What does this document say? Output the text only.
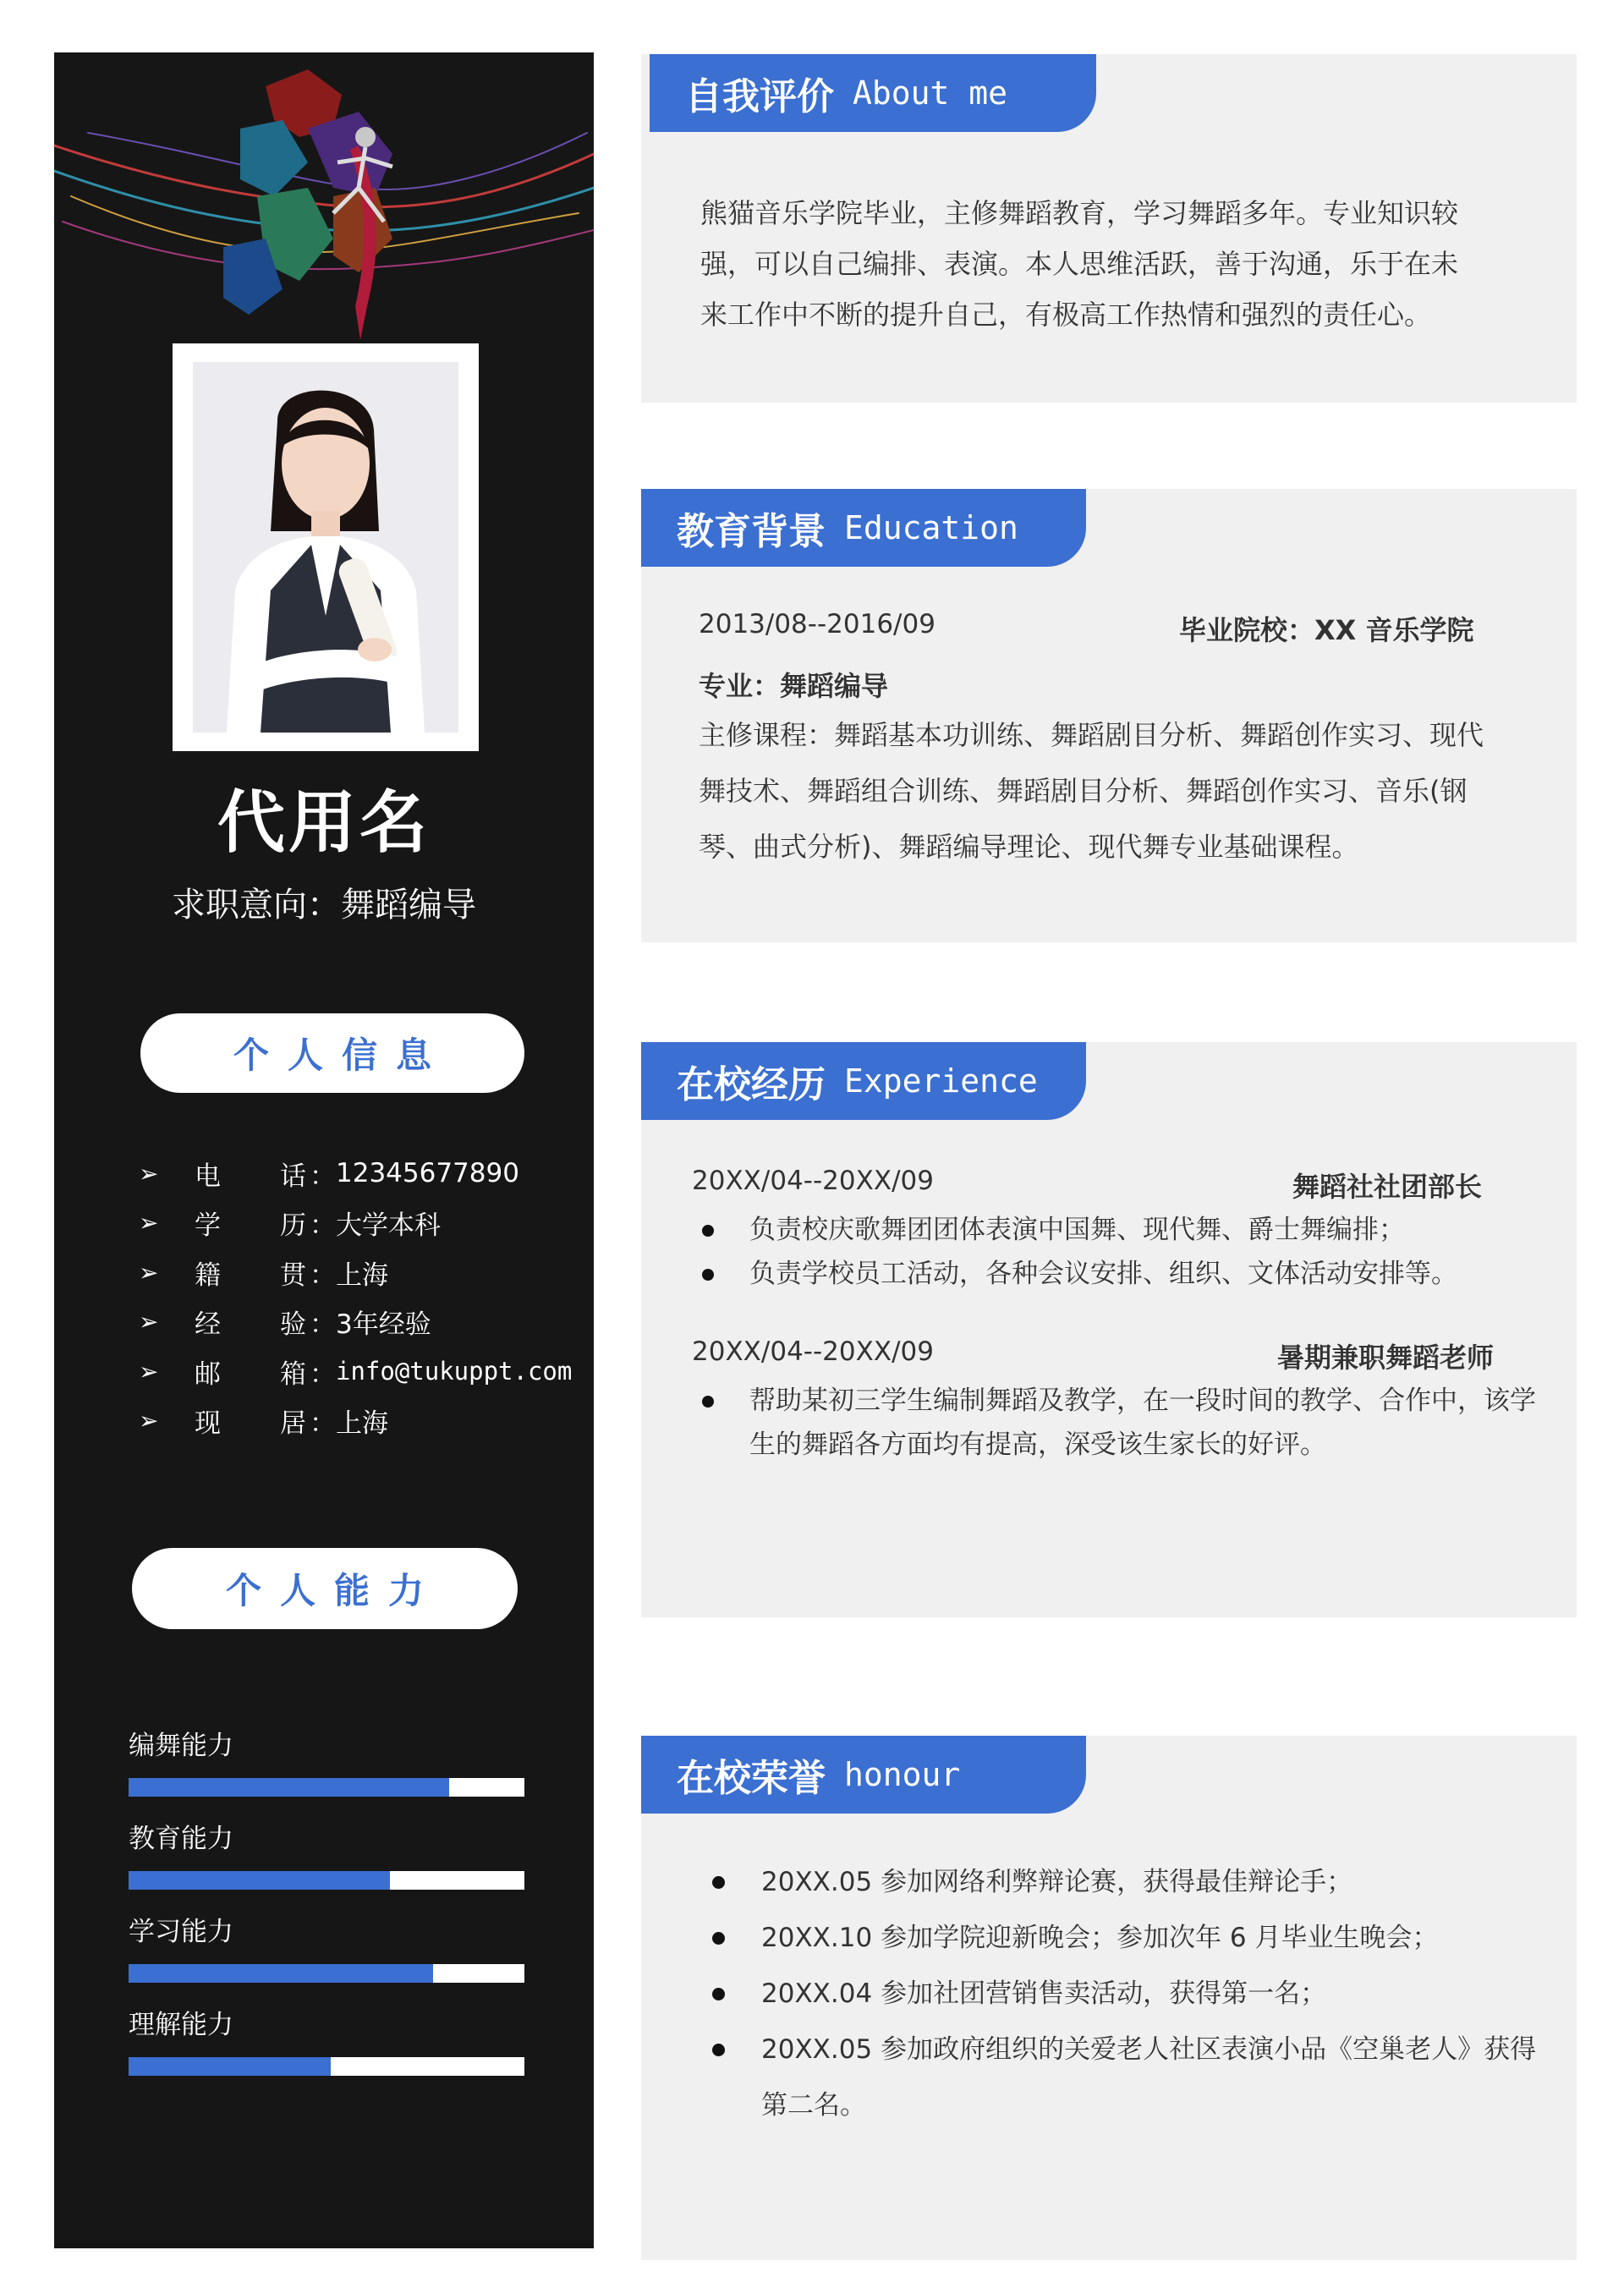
代用名
求职意向：舞蹈编导
个人信息
➢	电 话 ： 12345677890
➢	学 历 ： 大学本科
➢	籍 贯 ： 上海
➢	经 验 ： 3年经验
➢	邮 箱 ： info@tukuppt.com
➢	现 居 ： 上海
个人能力
编舞能力
教育能力
学习能力
理解能力
自我评价 About me
熊猫音乐学院毕业，主修舞蹈教育，学习舞蹈多年。专业知识较
强，可以自己编排、表演。本人思维活跃，善于沟通，乐于在未
来工作中不断的提升自己，有极高工作热情和强烈的责任心。
教育背景 Education
2013/08--2016/09	毕业院校：XX 音乐学院
专业：舞蹈编导
主修课程：舞蹈基本功训练、舞蹈剧目分析、舞蹈创作实习、现代
舞技术、舞蹈组合训练、舞蹈剧目分析、舞蹈创作实习、音乐(钢
琴、曲式分析)、舞蹈编导理论、现代舞专业基础课程。
在校经历 Experience
20XX/04--20XX/09	舞蹈社社团部长
负责校庆歌舞团团体表演中国舞、现代舞、爵士舞编排；
负责学校员工活动，各种会议安排、组织、文体活动安排等。
20XX/04--20XX/09	暑期兼职舞蹈老师
帮助某初三学生编制舞蹈及教学，在一段时间的教学、合作中，该学生的舞蹈各方面均有提高，深受该生家长的好评。
在校荣誉 honour
20XX.05 参加网络利弊辩论赛，获得最佳辩论手；
20XX.10 参加学院迎新晚会；参加次年 6 月毕业生晚会；
20XX.04 参加社团营销售卖活动，获得第一名；
20XX.05 参加政府组织的关爱老人社区表演小品《空巢老人》获得第二名。
